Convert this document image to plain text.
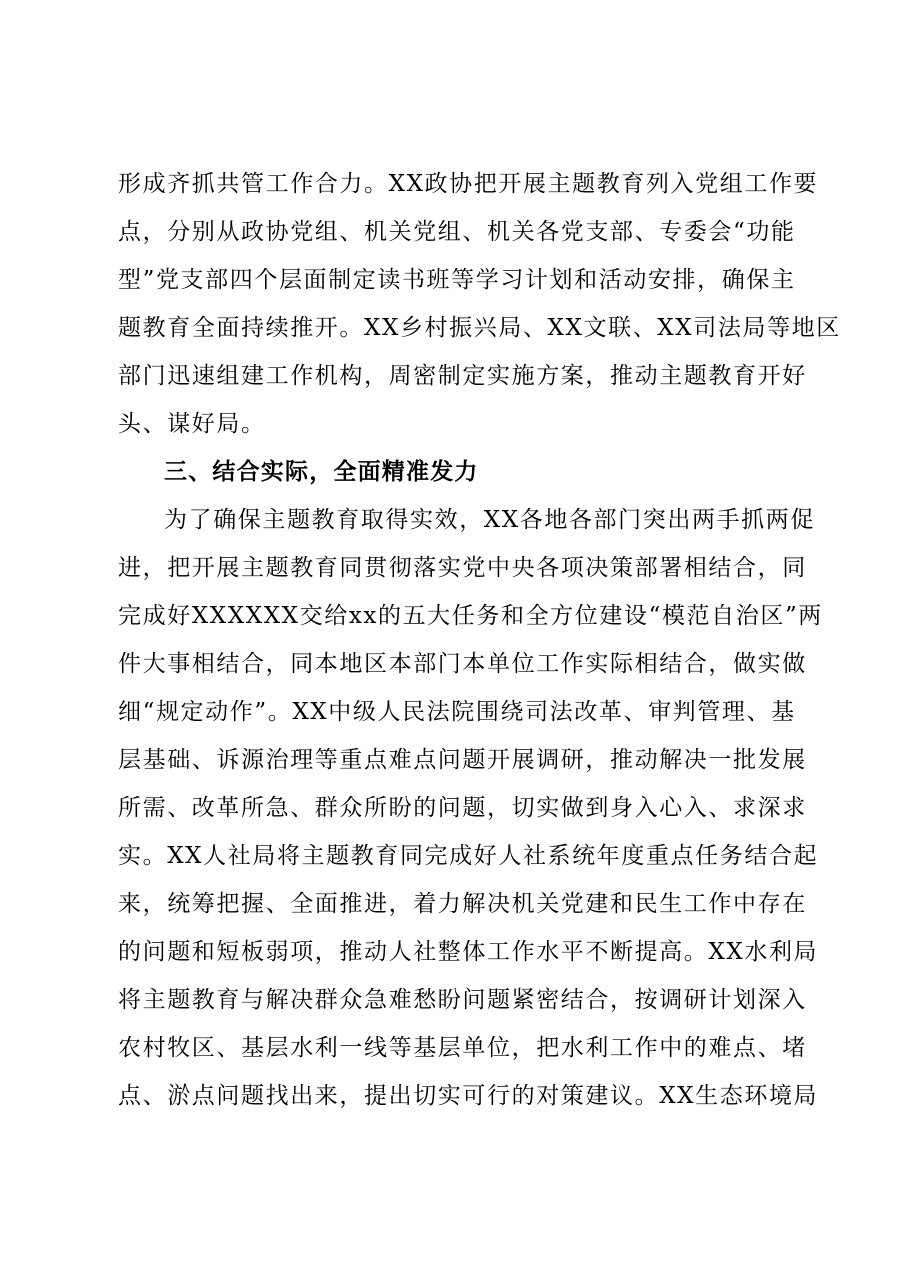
形成齐抓共管工作合力。XX政协把开展主题教育列入党组工作要
点，分别从政协党组、机关党组、机关各党支部、专委会“功能
型”党支部四个层面制定读书班等学习计划和活动安排，确保主
题教育全面持续推开。XX乡村振兴局、XX文联、XX司法局等地区
部门迅速组建工作机构，周密制定实施方案，推动主题教育开好
头、谋好局。
三、结合实际，全面精准发力
为了确保主题教育取得实效，XX各地各部门突出两手抓两促
进，把开展主题教育同贯彻落实党中央各项决策部署相结合，同
完成好XXXXXX交给xx的五大任务和全方位建设“模范自治区”两
件大事相结合，同本地区本部门本单位工作实际相结合，做实做
细“规定动作”。XX中级人民法院围绕司法改革、审判管理、基
层基础、诉源治理等重点难点问题开展调研，推动解决一批发展
所需、改革所急、群众所盼的问题，切实做到身入心入、求深求
实。XX人社局将主题教育同完成好人社系统年度重点任务结合起
来，统筹把握、全面推进，着力解决机关党建和民生工作中存在
的问题和短板弱项，推动人社整体工作水平不断提高。XX水利局
将主题教育与解决群众急难愁盼问题紧密结合，按调研计划深入
农村牧区、基层水利一线等基层单位，把水利工作中的难点、堵
点、淤点问题找出来，提出切实可行的对策建议。XX生态环境局
